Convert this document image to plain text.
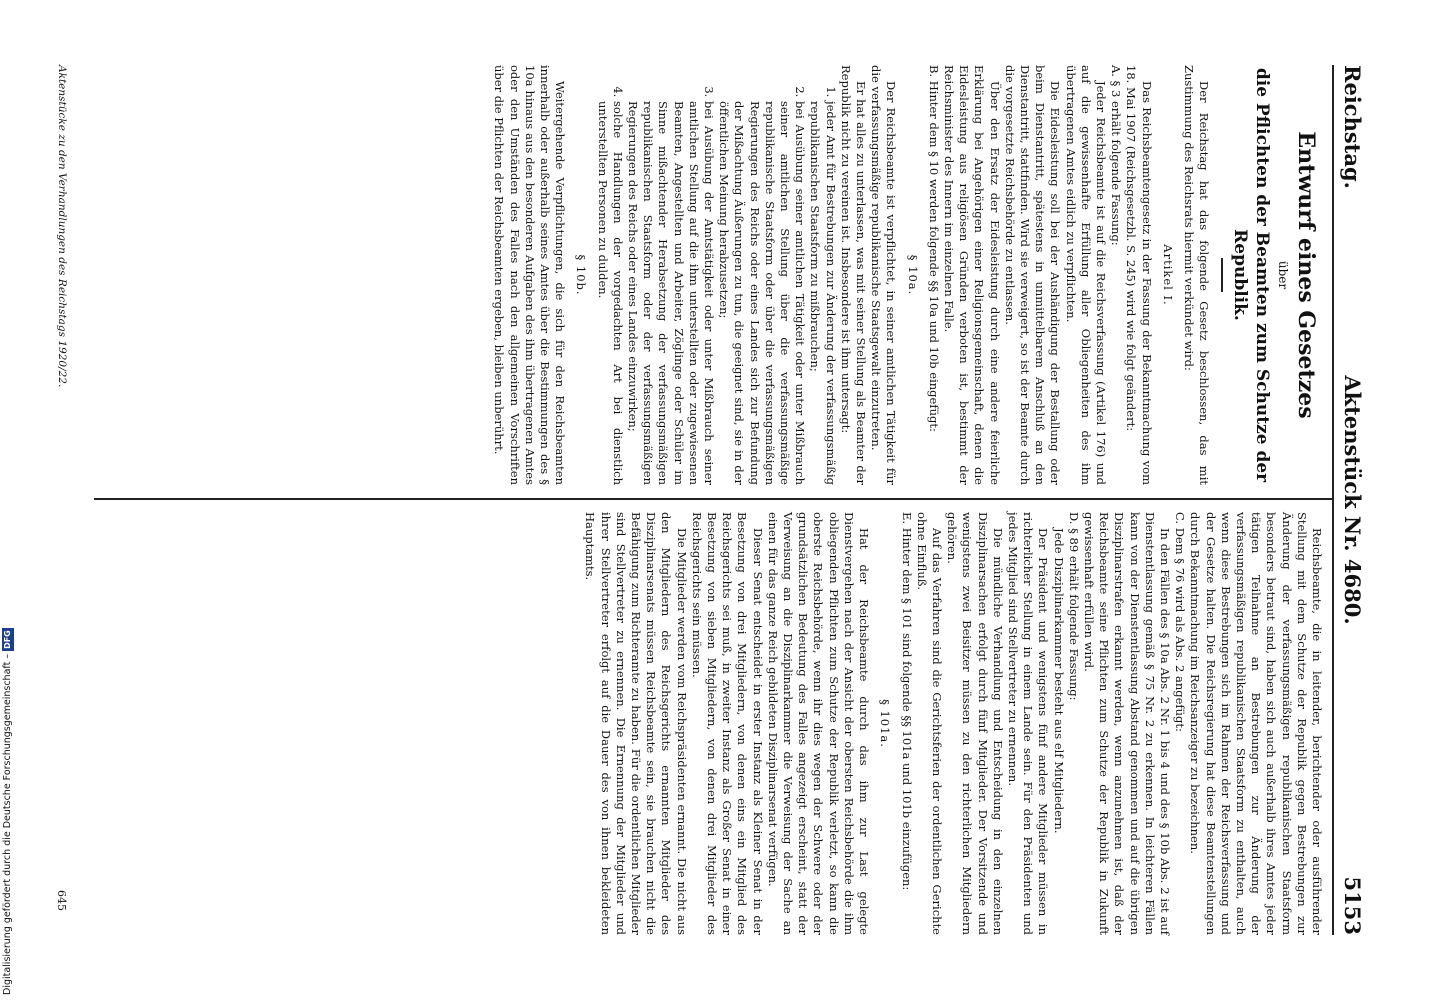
Reichstag.
Aktenstück Nr. 4680.
5153
Entwurf eines Gesetzes
über
die Pflichten der Beamten zum Schutze der Republik.

Der Reichstag hat das folgende Gesetz beschlossen, das mit Zustimmung des Reichsrats hiermit verkündet wird:

Artikel I.

Das Reichsbeamtengesetz in der Fassung der Bekanntmachung vom 18. Mai 1907 (Reichsgesetzbl. S. 245) wird wie folgt geändert:

A. § 3 erhält folgende Fassung:

Jeder Reichsbeamte ist auf die Reichsverfassung (Artikel 176) und auf die gewissenhafte Erfüllung aller Obliegenheiten des ihm übertragenen Amtes eidlich zu verpflichten.

Die Eidesleistung soll bei der Aushändigung der Bestallung oder beim Dienstantritt, spätestens in unmittelbarem Anschluß an den Dienstantritt, stattfinden. Wird sie verweigert, so ist der Beamte durch die vorgesetzte Reichsbehörde zu entlassen.

Über den Ersatz der Eidesleistung durch eine andere feierliche Erklärung bei Angehörigen einer Religionsgemeinschaft, denen die Eidesleistung aus religiösen Gründen verboten ist, bestimmt der Reichsminister des Innern im einzelnen Falle.

B. Hinter dem § 10 werden folgende §§ 10a und 10b eingefügt:

§ 10a.

Der Reichsbeamte ist verpflichtet, in seiner amtlichen Tätigkeit für die verfassungsmäßige republikanische Staatsgewalt einzutreten.

Er hat alles zu unterlassen, was mit seiner Stellung als Beamter der Republik nicht zu vereinen ist. Insbesondere ist ihm untersagt:

1. jeder Amt für Bestrebungen zur Änderung der verfassungsmäßig republikanischen Staatsform zu mißbrauchen;
2. bei Ausübung seiner amtlichen Tätigkeit oder unter Mißbrauch seiner amtlichen Stellung über die verfassungsmäßige republikanische Staatsform oder über die verfassungsmäßigen Regierungen des Reichs oder eines Landes sich zur Befundung der Mißachtung Äußerungen zu tun, die geeignet sind, sie in der öffentlichen Meinung herabzusetzen;
3. bei Ausübung der Amtstätigkeit oder unter Mißbrauch seiner amtlichen Stellung auf die ihm unterstellten oder zugewiesenen Beamten, Angestellten und Arbeiter, Zöglinge oder Schüler im Sinne mißachtender Herabsetzung der verfassungsmäßigen republikanischen Staatsform oder der verfassungsmäßigen Regierungen des Reichs oder eines Landes einzuwirken;
4. solche Handlungen der vorgedachten Art bei dienstlich unterstellten Personen zu dulden.

§ 10b.

Weitergehende Verpflichtungen, die sich für den Reichsbeamten innerhalb oder außerhalb seines Amtes über die Bestimmungen des § 10a hinaus aus den besonderen Aufgaben des ihm übertragenen Amtes oder den Umständen des Falles nach den allgemeinen Vorschriften über die Pflichten der Reichsbeamten ergeben, bleiben unberührt.

Reichsbeamte, die in leitender, berichtender oder ausführender Stellung mit dem Schutze der Republik gegen Bestrebungen zur Änderung der verfassungsmäßigen republikanischen Staatsform besonders betraut sind, haben sich auch außerhalb ihres Amtes jeder tätigen Teilnahme an Bestrebungen zur Änderung der verfassungsmäßigen republikanischen Staatsform zu enthalten, auch wenn diese Bestrebungen sich im Rahmen der Reichsverfassung und der Gesetze halten. Die Reichsregierung hat diese Beamtenstellungen durch Bekanntmachung im Reichsanzeiger zu bezeichnen.

C. Dem § 76 wird als Abs. 2 angefügt:

In den Fällen des § 10a Abs. 2 Nr. 1 bis 4 und des § 10b Abs. 2 ist auf Dienstentlassung gemäß § 75 Nr. 2 zu erkennen. In leichteren Fällen kann von der Dienstentlassung Abstand genommen und auf die übrigen Disziplinarstrafen erkannt werden, wenn anzunehmen ist, daß der Reichsbeamte seine Pflichten zum Schutze der Republik in Zukunft gewissenhaft erfüllen wird.

D. § 89 erhält folgende Fassung:

Jede Disziplinarkammer besteht aus elf Mitgliedern.

Der Präsident und wenigstens fünf andere Mitglieder müssen in richterlicher Stellung in einem Lande sein. Für den Präsidenten und jedes Mitglied sind Stellvertreter zu ernennen.

Die mündliche Verhandlung und Entscheidung in den einzelnen Disziplinarsachen erfolgt durch fünf Mitglieder. Der Vorsitzende und wenigstens zwei Beisitzer müssen zu den richterlichen Mitgliedern gehören.

Auf das Verfahren sind die Gerichtsferien der ordentlichen Gerichte ohne Einfluß.

E. Hinter dem § 101 sind folgende §§ 101a und 101b einzufügen:

§ 101a.

Hat der Reichsbeamte durch das ihm zur Last gelegte Dienstvergehen nach der Ansicht der obersten Reichsbehörde die ihm obliegenden Pflichten zum Schutze der Republik verletzt, so kann die oberste Reichsbehörde, wenn ihr dies wegen der Schwere oder der grundsätzlichen Bedeutung des Falles angezeigt erscheint, statt der Verweisung an die Disziplinarkammer die Verweisung der Sache an einen für das ganze Reich gebildeten Disziplinarsenat verfügen.

Dieser Senat entscheidet in erster Instanz als Kleiner Senat in der Besetzung von drei Mitgliedern, von denen eins ein Mitglied des Reichsgerichts sei muß, in zweiter Instanz als Großer Senat in einer Besetzung von sieben Mitgliedern, von denen drei Mitglieder des Reichsgerichts sein müssen.

Die Mitglieder werden vom Reichspräsidenten ernannt. Die nicht aus den Mitgliedern des Reichsgerichts ernannten Mitglieder des Disziplinarsenats müssen Reichsbeamte sein, sie brauchen nicht die Befähigung zum Richteramte zu haben. Für die ordentlichen Mitglieder sind Stellvertreter zu ernennen. Die Ernennung der Mitglieder und ihrer Stellvertreter erfolgt auf die Dauer des von ihnen bekleideten Hauptamts.

Aktenstücke zu den Verhandlungen des Reichstags 1920/22.
645
Digitalisierung gefördert durch die Deutsche Forschungsgemeinschaft –DFG
